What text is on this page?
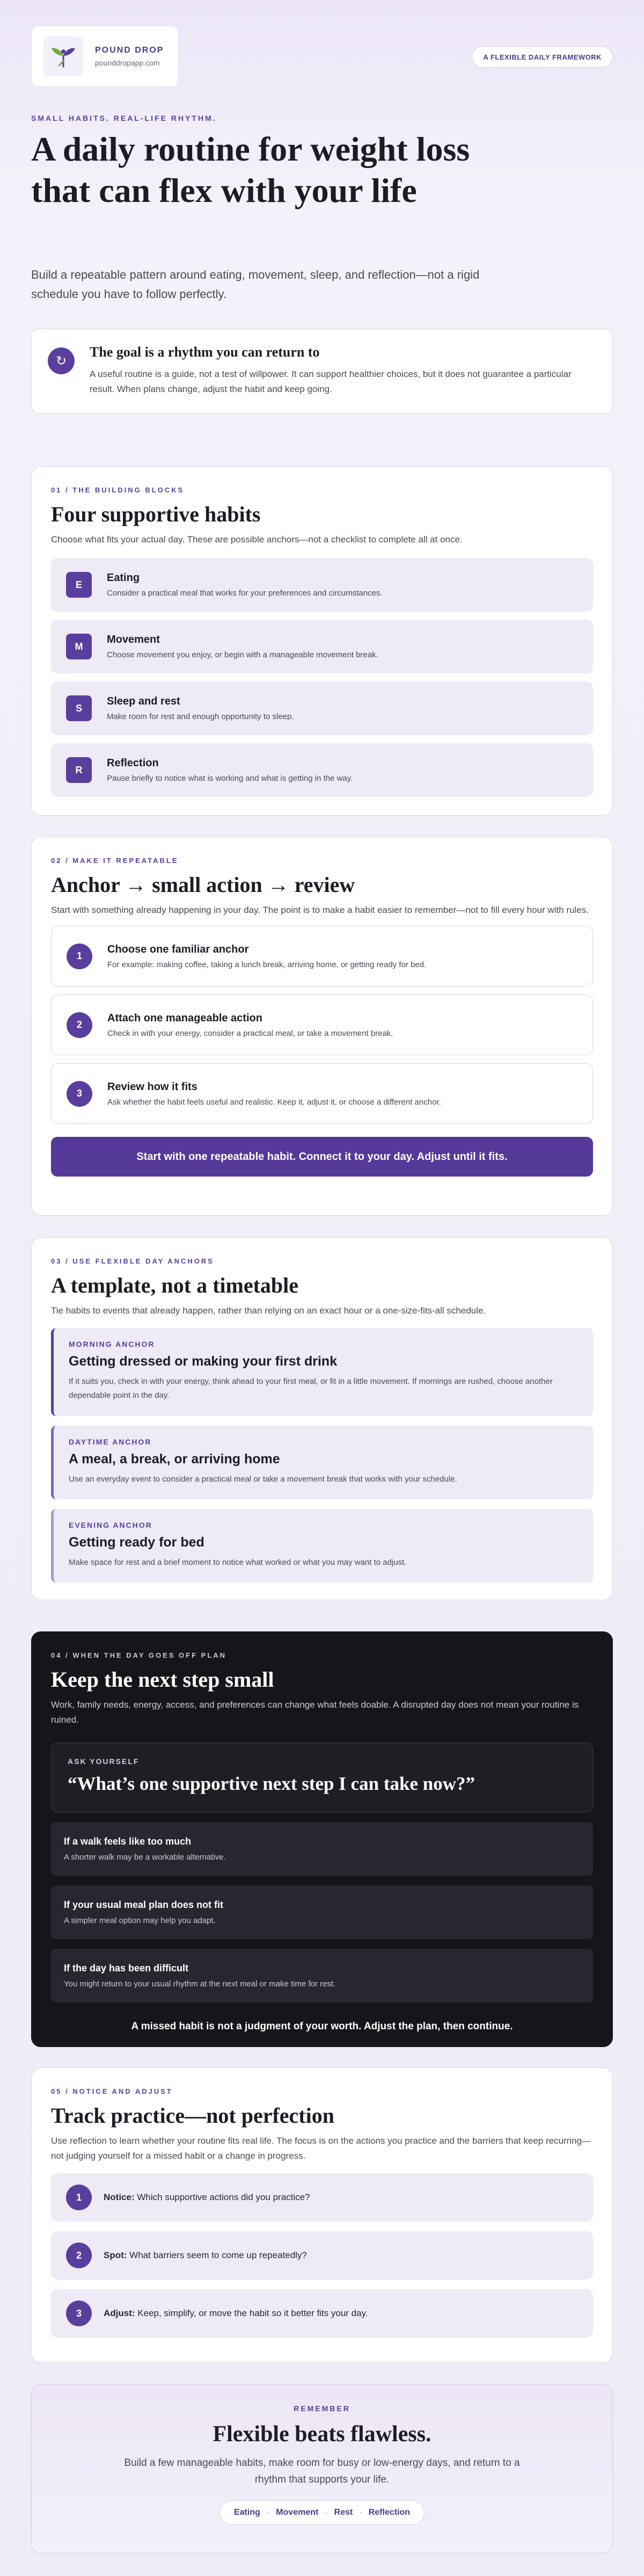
POUND DROP
pounddropapp.com
A FLEXIBLE DAILY FRAMEWORK
SMALL HABITS. REAL-LIFE RHYTHM.
A daily routine for weight loss that can flex with your life

Build a repeatable pattern around eating, movement, sleep, and reflection—not a rigid schedule you have to follow perfectly.

↻
The goal is a rhythm you can return to
A useful routine is a guide, not a test of willpower. It can support healthier choices, but it does not guarantee a particular result. When plans change, adjust the habit and keep going.
01 / THE BUILDING BLOCKS
Four supportive habits

Choose what fits your actual day. These are possible anchors—not a checklist to complete all at once.

E
Eating
Consider a practical meal that works for your preferences and circumstances.
M
Movement
Choose movement you enjoy, or begin with a manageable movement break.
S
Sleep and rest
Make room for rest and enough opportunity to sleep.
R
Reflection
Pause briefly to notice what is working and what is getting in the way.
02 / MAKE IT REPEATABLE
Anchor → small action → review

Start with something already happening in your day. The point is to make a habit easier to remember—not to fill every hour with rules.

1
Choose one familiar anchor
For example: making coffee, taking a lunch break, arriving home, or getting ready for bed.
2
Attach one manageable action
Check in with your energy, consider a practical meal, or take a movement break.
3
Review how it fits
Ask whether the habit feels useful and realistic. Keep it, adjust it, or choose a different anchor.
Start with one repeatable habit. Connect it to your day. Adjust until it fits.
03 / USE FLEXIBLE DAY ANCHORS
A template, not a timetable

Tie habits to events that already happen, rather than relying on an exact hour or a one-size-fits-all schedule.

MORNING ANCHOR
Getting dressed or making your first drink
If it suits you, check in with your energy, think ahead to your first meal, or fit in a little movement. If mornings are rushed, choose another dependable point in the day.
DAYTIME ANCHOR
A meal, a break, or arriving home
Use an everyday event to consider a practical meal or take a movement break that works with your schedule.
EVENING ANCHOR
Getting ready for bed
Make space for rest and a brief moment to notice what worked or what you may want to adjust.
04 / WHEN THE DAY GOES OFF PLAN
Keep the next step small

Work, family needs, energy, access, and preferences can change what feels doable. A disrupted day does not mean your routine is ruined.

ASK YOURSELF
“What’s one supportive next step I can take now?”
If a walk feels like too much
A shorter walk may be a workable alternative.
If your usual meal plan does not fit
A simpler meal option may help you adapt.
If the day has been difficult
You might return to your usual rhythm at the next meal or make time for rest.
A missed habit is not a judgment of your worth. Adjust the plan, then continue.
05 / NOTICE AND ADJUST
Track practice—not perfection

Use reflection to learn whether your routine fits real life. The focus is on the actions you practice and the barriers that keep recurring—not judging yourself for a missed habit or a change in progress.

1	Notice: Which supportive actions did you practice?
2	Spot: What barriers seem to come up repeatedly?
3	Adjust: Keep, simplify, or move the habit so it better fits your day.
REMEMBER
Flexible beats flawless.
Build a few manageable habits, make room for busy or low-energy days, and return to a rhythm that supports your life.
Eating · Movement · Rest · Reflection
